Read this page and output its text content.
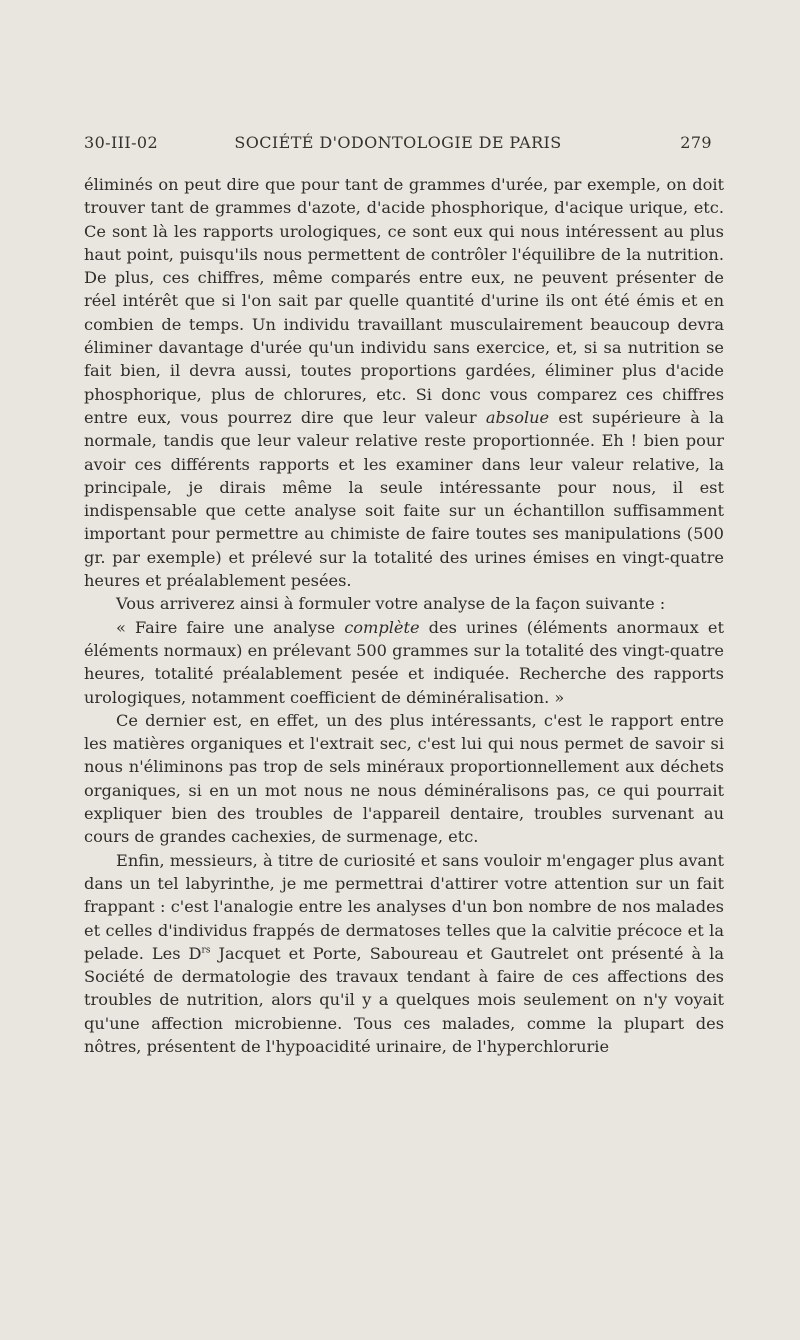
30-III-02	SOCIÉTÉ D'ODONTOLOGIE DE PARIS	279

éliminés on peut dire que pour tant de grammes d'urée, par exemple, on doit trouver tant de grammes d'azote, d'acide phosphorique, d'acique urique, etc. Ce sont là les rapports urologiques, ce sont eux qui nous intéressent au plus haut point, puisqu'ils nous permettent de contrôler l'équilibre de la nutrition. De plus, ces chiffres, même comparés entre eux, ne peuvent présenter de réel intérêt que si l'on sait par quelle quantité d'urine ils ont été émis et en combien de temps. Un individu travaillant musculairement beaucoup devra éliminer davantage d'urée qu'un individu sans exercice, et, si sa nutrition se fait bien, il devra aussi, toutes proportions gardées, éliminer plus d'acide phosphorique, plus de chlorures, etc. Si donc vous comparez ces chiffres entre eux, vous pourrez dire que leur valeur absolue est supérieure à la normale, tandis que leur valeur relative reste proportionnée. Eh ! bien pour avoir ces différents rapports et les examiner dans leur valeur relative, la principale, je dirais même la seule intéressante pour nous, il est indispensable que cette analyse soit faite sur un échantillon suffisamment important pour permettre au chimiste de faire toutes ses manipulations (500 gr. par exemple) et prélevé sur la totalité des urines émises en vingt-quatre heures et préalablement pesées.

Vous arriverez ainsi à formuler votre analyse de la façon suivante :

« Faire faire une analyse complète des urines (éléments anormaux et éléments normaux) en prélevant 500 grammes sur la totalité des vingt-quatre heures, totalité préalablement pesée et indiquée. Recherche des rapports urologiques, notamment coefficient de déminéralisation. »

Ce dernier est, en effet, un des plus intéressants, c'est le rapport entre les matières organiques et l'extrait sec, c'est lui qui nous permet de savoir si nous n'éliminons pas trop de sels minéraux proportionnellement aux déchets organiques, si en un mot nous ne nous déminéralisons pas, ce qui pourrait expliquer bien des troubles de l'appareil dentaire, troubles survenant au cours de grandes cachexies, de surmenage, etc.

Enfin, messieurs, à titre de curiosité et sans vouloir m'engager plus avant dans un tel labyrinthe, je me permettrai d'attirer votre attention sur un fait frappant : c'est l'analogie entre les analyses d'un bon nombre de nos malades et celles d'individus frappés de dermatoses telles que la calvitie précoce et la pelade. Les $D^{rs}$ Jacquet et Porte, Saboureau et Gautrelet ont présenté à la Société de dermatologie des travaux tendant à faire de ces affections des troubles de nutrition, alors qu'il y a quelques mois seulement on n'y voyait qu'une affection microbienne. Tous ces malades, comme la plupart des nôtres, présentent de l'hypoacidité urinaire, de l'hyperchlorurie
